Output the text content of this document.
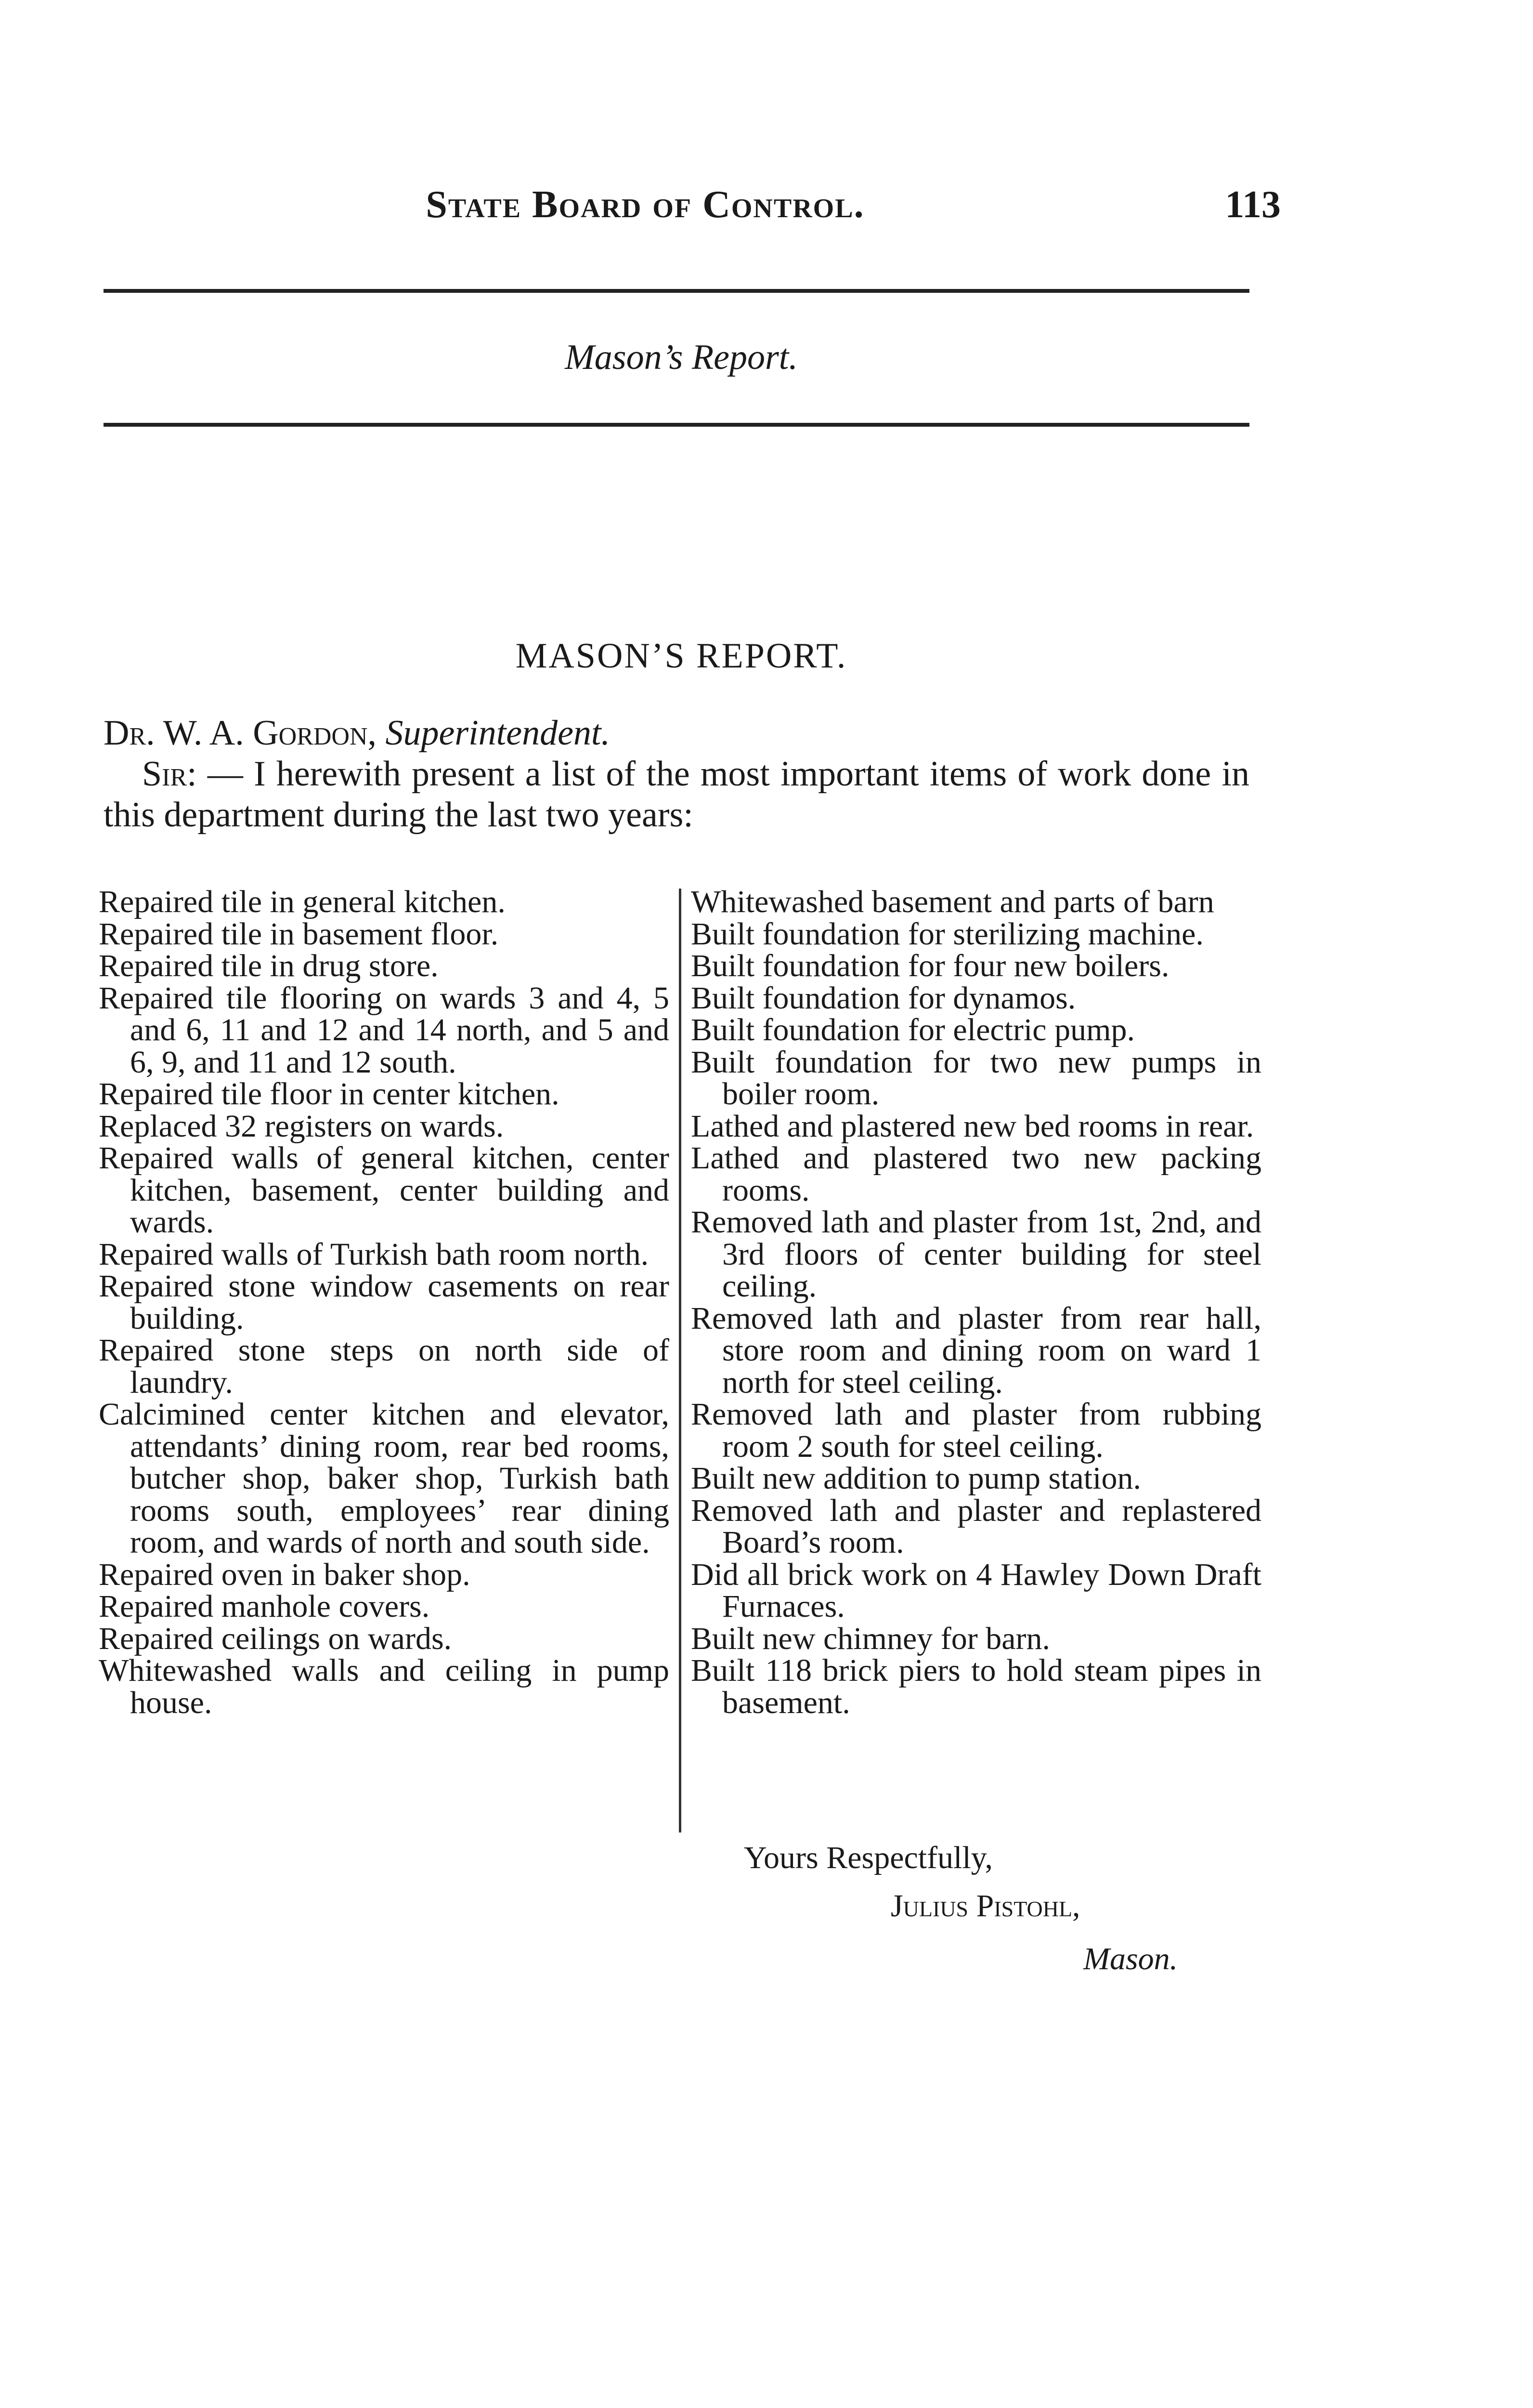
State Board of Control.	113
Mason’s Report.
MASON’S REPORT.
Dr. W. A. Gordon, Superintendent.
Sir: — I herewith present a list of the most important items of work done in this department during the last two years:

Repaired tile in general kitchen.

Repaired tile in basement floor.

Repaired tile in drug store.

Repaired tile flooring on wards 3 and 4, 5 and 6, 11 and 12 and 14 north, and 5 and 6, 9, and 11 and 12 south.

Repaired tile floor in center kitchen.

Replaced 32 registers on wards.

Repaired walls of general kitchen, center kitchen, basement, center building and wards.

Repaired walls of Turkish bath room north.

Repaired stone window casements on rear building.

Repaired stone steps on north side of laundry.

Calcimined center kitchen and elevator, attendants’ dining room, rear bed rooms, butcher shop, baker shop, Turkish bath rooms south, employees’ rear dining room, and wards of north and south side.

Repaired oven in baker shop.

Repaired manhole covers.

Repaired ceilings on wards.

Whitewashed walls and ceiling in pump house.

Whitewashed basement and parts of barn

Built foundation for sterilizing machine.

Built foundation for four new boilers.

Built foundation for dynamos.

Built foundation for electric pump.

Built foundation for two new pumps in boiler room.

Lathed and plastered new bed rooms in rear.

Lathed and plastered two new packing rooms.

Removed lath and plaster from 1st, 2nd, and 3rd floors of center building for steel ceiling.

Removed lath and plaster from rear hall, store room and dining room on ward 1 north for steel ceiling.

Removed lath and plaster from rubbing room 2 south for steel ceiling.

Built new addition to pump station.

Removed lath and plaster and replastered Board’s room.

Did all brick work on 4 Hawley Down Draft Furnaces.

Built new chimney for barn.

Built 118 brick piers to hold steam pipes in basement.

Yours Respectfully,
Julius Pistohl,
Mason.
